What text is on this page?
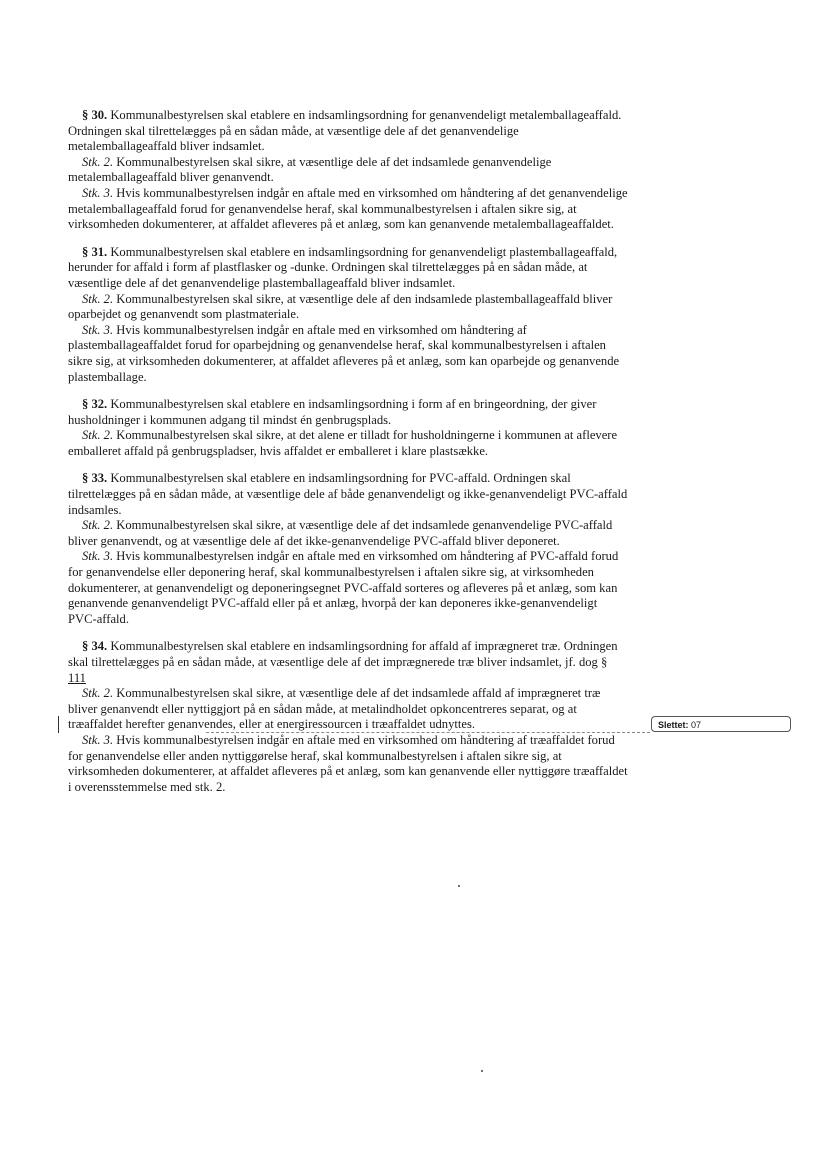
§ 30. Kommunalbestyrelsen skal etablere en indsamlingsordning for genanvendeligt metalemballageaffald. Ordningen skal tilrettelægges på en sådan måde, at væsentlige dele af det genanvendelige metalemballageaffald bliver indsamlet.

Stk. 2. Kommunalbestyrelsen skal sikre, at væsentlige dele af det indsamlede genanvendelige metalemballageaffald bliver genanvendt.

Stk. 3. Hvis kommunalbestyrelsen indgår en aftale med en virksomhed om håndtering af det genanvendelige metalemballageaffald forud for genanvendelse heraf, skal kommunalbestyrelsen i aftalen sikre sig, at virksomheden dokumenterer, at affaldet afleveres på et anlæg, som kan genanvende metalemballageaffaldet.

§ 31. Kommunalbestyrelsen skal etablere en indsamlingsordning for genanvendeligt plastemballageaffald, herunder for affald i form af plastflasker og -dunke. Ordningen skal tilrettelægges på en sådan måde, at væsentlige dele af det genanvendelige plastemballageaffald bliver indsamlet.

Stk. 2. Kommunalbestyrelsen skal sikre, at væsentlige dele af den indsamlede plastemballageaffald bliver oparbejdet og genanvendt som plastmateriale.

Stk. 3. Hvis kommunalbestyrelsen indgår en aftale med en virksomhed om håndtering af plastemballageaffaldet forud for oparbejdning og genanvendelse heraf, skal kommunalbestyrelsen i aftalen sikre sig, at virksomheden dokumenterer, at affaldet afleveres på et anlæg, som kan oparbejde og genanvende plastemballage.

§ 32. Kommunalbestyrelsen skal etablere en indsamlingsordning i form af en bringeordning, der giver husholdninger i kommunen adgang til mindst én genbrugsplads.

Stk. 2. Kommunalbestyrelsen skal sikre, at det alene er tilladt for husholdningerne i kommunen at aflevere emballeret affald på genbrugspladser, hvis affaldet er emballeret i klare plastsække.

§ 33. Kommunalbestyrelsen skal etablere en indsamlingsordning for PVC-affald. Ordningen skal tilrettelægges på en sådan måde, at væsentlige dele af både genanvendeligt og ikke-genanvendeligt PVC-affald indsamles.

Stk. 2. Kommunalbestyrelsen skal sikre, at væsentlige dele af det indsamlede genanvendelige PVC-affald bliver genanvendt, og at væsentlige dele af det ikke-genanvendelige PVC-affald bliver deponeret.

Stk. 3. Hvis kommunalbestyrelsen indgår en aftale med en virksomhed om håndtering af PVC-affald forud for genanvendelse eller deponering heraf, skal kommunalbestyrelsen i aftalen sikre sig, at virksomheden dokumenterer, at genanvendeligt og deponeringsegnet PVC-affald sorteres og afleveres på et anlæg, som kan genanvende genanvendeligt PVC-affald eller på et anlæg, hvorpå der kan deponeres ikke-genanvendeligt PVC-affald.

§ 34. Kommunalbestyrelsen skal etablere en indsamlingsordning for affald af imprægneret træ. Ordningen skal tilrettelægges på en sådan måde, at væsentlige dele af det imprægnerede træ bliver indsamlet, jf. dog § 111

Stk. 2. Kommunalbestyrelsen skal sikre, at væsentlige dele af det indsamlede affald af imprægneret træ bliver genanvendt eller nyttiggjort på en sådan måde, at metalindholdet opkoncentreres separat, og at træaffaldet herefter genanvendes, eller at energiressourcen i træaffaldet udnyttes.

Stk. 3. Hvis kommunalbestyrelsen indgår en aftale med en virksomhed om håndtering af træaffaldet forud for genanvendelse eller anden nyttiggørelse heraf, skal kommunalbestyrelsen i aftalen sikre sig, at virksomheden dokumenterer, at affaldet afleveres på et anlæg, som kan genanvende eller nyttiggøre træaffaldet i overensstemmelse med stk. 2.

Slettet: 07
